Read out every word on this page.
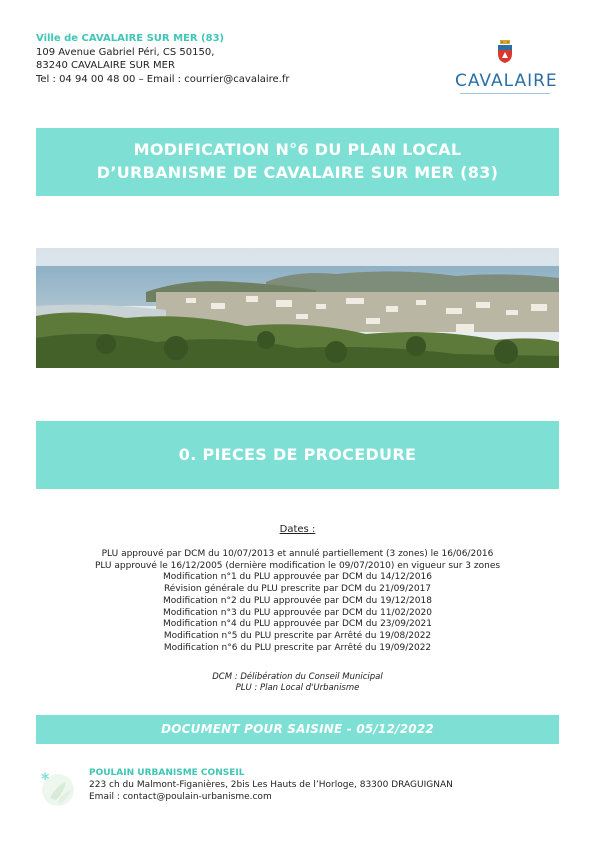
Ville de CAVALAIRE SUR MER (83)
109 Avenue Gabriel Péri, CS 50150,
83240 CAVALAIRE SUR MER
Tel : 04 94 00 48 00 – Email : courrier@cavalaire.fr	CAVALAIRE
MODIFICATION N°6 DU PLAN LOCAL
D’URBANISME DE CAVALAIRE SUR MER (83)
0. PIECES DE PROCEDURE
Dates :
PLU approuvé par DCM du 10/07/2013 et annulé partiellement (3 zones) le 16/06/2016
PLU approuvé le 16/12/2005 (dernière modification le 09/07/2010) en vigueur sur 3 zones
Modification n°1 du PLU approuvée par DCM du 14/12/2016
Révision générale du PLU prescrite par DCM du 21/09/2017
Modification n°2 du PLU approuvée par DCM du 19/12/2018
Modification n°3 du PLU approuvée par DCM du 11/02/2020
Modification n°4 du PLU approuvée par DCM du 23/09/2021
Modification n°5 du PLU prescrite par Arrêté du 19/08/2022
Modification n°6 du PLU prescrite par Arrêté du 19/09/2022
DCM : Délibération du Conseil Municipal
PLU : Plan Local d'Urbanisme
DOCUMENT POUR SAISINE - 05/12/2022
*	POULAIN URBANISME CONSEIL
223 ch du Malmont-Figanières, 2bis Les Hauts de l’Horloge, 83300 DRAGUIGNAN
Email : contact@poulain-urbanisme.com
